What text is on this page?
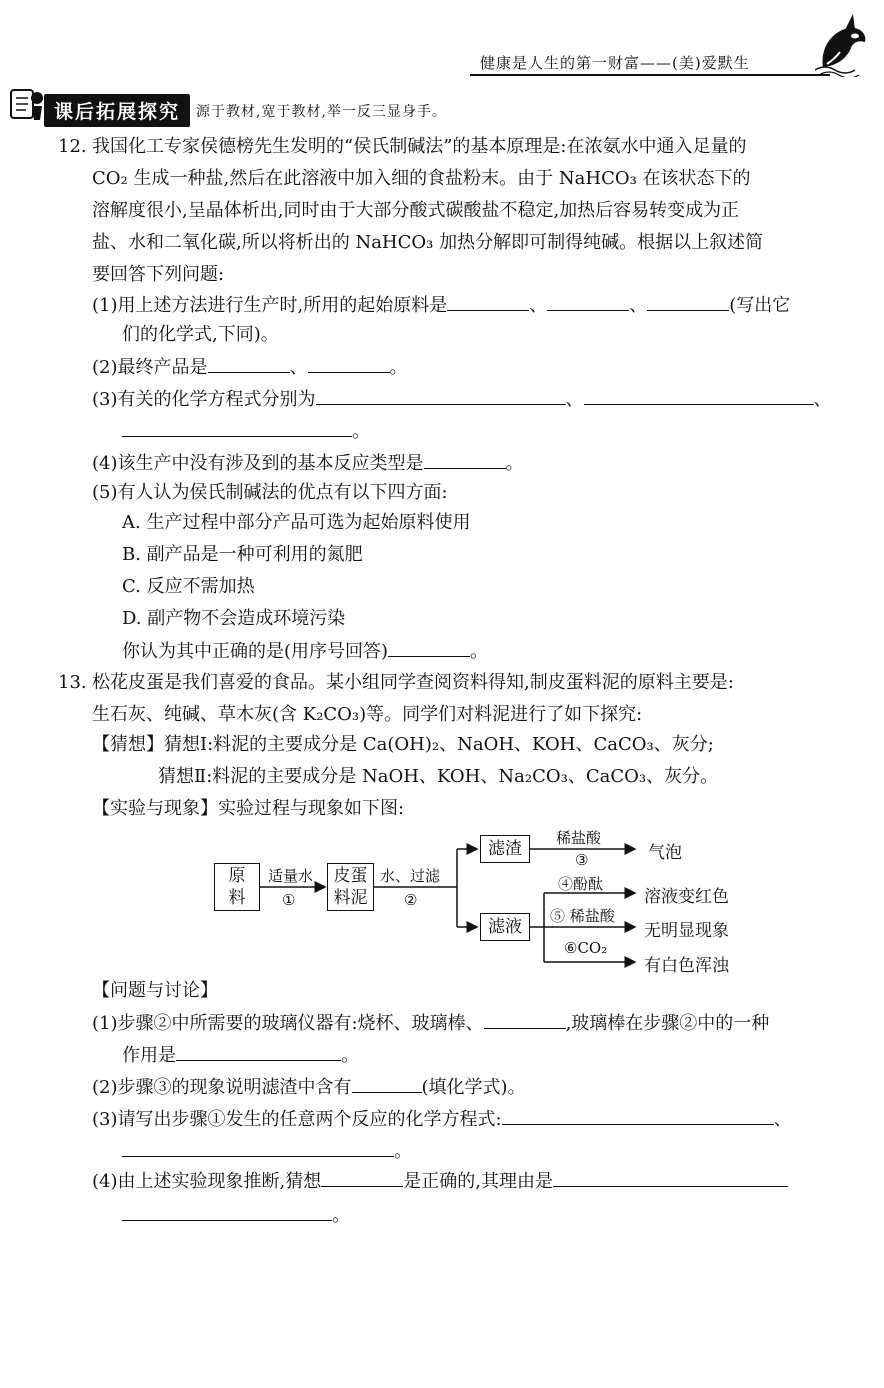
健康是人生的第一财富——(美)爱默生
课后拓展探究	源于教材,宽于教材,举一反三显身手。
12. 我国化工专家侯德榜先生发明的“侯氏制碱法”的基本原理是:在浓氨水中通入足量的
CO₂ 生成一种盐,然后在此溶液中加入细的食盐粉末。由于 NaHCO₃ 在该状态下的
溶解度很小,呈晶体析出,同时由于大部分酸式碳酸盐不稳定,加热后容易转变成为正
盐、水和二氧化碳,所以将析出的 NaHCO₃ 加热分解即可制得纯碱。根据以上叙述简
要回答下列问题:
(1)用上述方法进行生产时,所用的起始原料是	、	、	(写出它
们的化学式,下同)。
(2)最终产品是	、	。
(3)有关的化学方程式分别为	、	、
。
(4)该生产中没有涉及到的基本反应类型是	。
(5)有人认为侯氏制碱法的优点有以下四方面:
A. 生产过程中部分产品可选为起始原料使用
B. 副产品是一种可利用的氮肥
C. 反应不需加热
D. 副产物不会造成环境污染
你认为其中正确的是(用序号回答)	。
13. 松花皮蛋是我们喜爱的食品。某小组同学查阅资料得知,制皮蛋料泥的原料主要是:
生石灰、纯碱、草木灰(含 K₂CO₃)等。同学们对料泥进行了如下探究:
【猜想】猜想Ⅰ:料泥的主要成分是 Ca(OH)₂、NaOH、KOH、CaCO₃、灰分;
猜想Ⅱ:料泥的主要成分是 NaOH、KOH、Na₂CO₃、CaCO₃、灰分。
【实验与现象】实验过程与现象如下图:
原
料
适量水
①
皮蛋
料泥
水、过滤
②
滤渣
滤液
稀盐酸
③	气泡
④酚酞
溶液变红色
⑤ 稀盐酸
无明显现象
⑥CO₂
有白色浑浊
【问题与讨论】
(1)步骤②中所需要的玻璃仪器有:烧杯、玻璃棒、	,玻璃棒在步骤②中的一种
作用是	。
(2)步骤③的现象说明滤渣中含有	(填化学式)。
(3)请写出步骤①发生的任意两个反应的化学方程式:	、
。
(4)由上述实验现象推断,猜想	是正确的,其理由是
。
